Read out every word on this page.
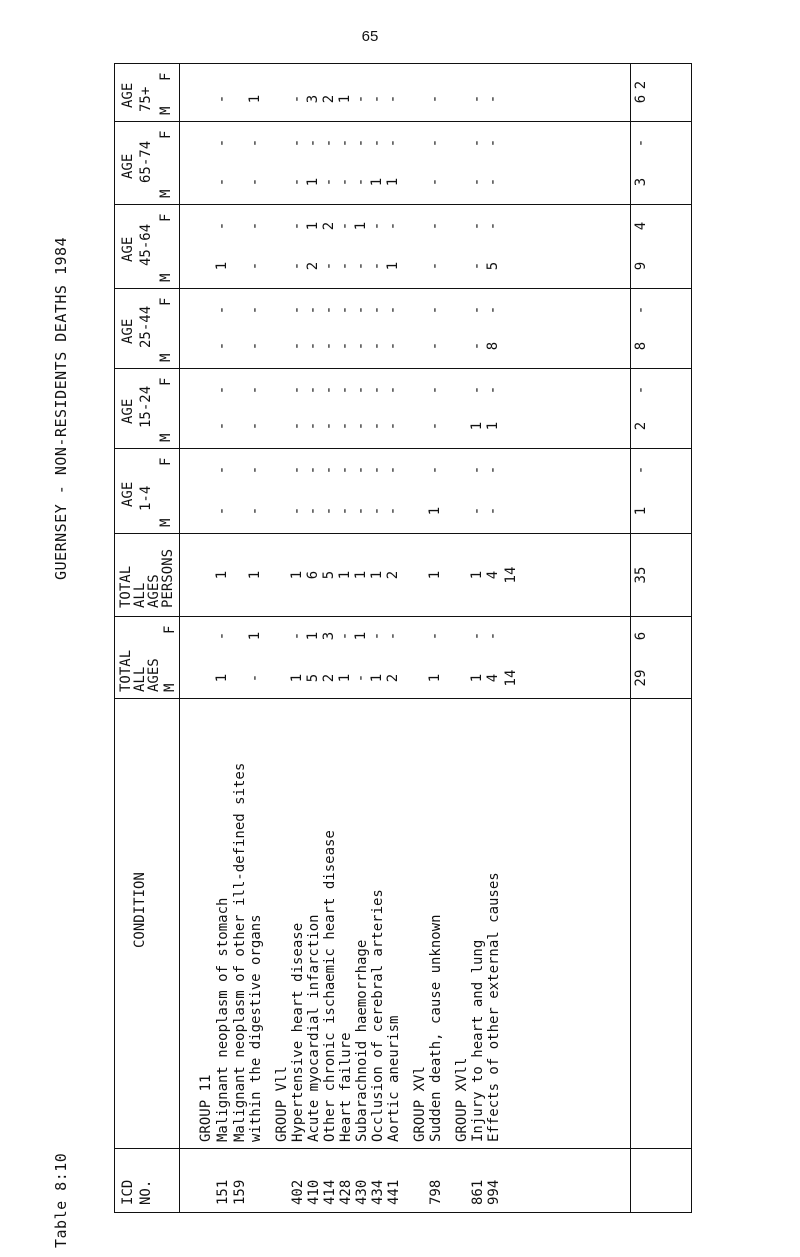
65
Table 8:10
GUERNSEY - NON-RESIDENTS DEATHS 1984
AGE 75+
F
M
AGE 65-74
F
M
AGE 45-64
F
M
AGE 25-44
F
M
AGE 15-24
F
M
AGE 1-4
F
M
TOTAL
ALL
AGES
PERSONS
TOTAL
ALL
AGES
F
M
CONDITION
ICD NO.
GROUP 11 Malignant neoplasm of stomach
151
1
-
1
-
-
-
-
-
-
1
-
-
-
-
Malignant neoplasm of other ill-defined sites
159
within the digestive organs
-
1
1
-
-
-
-
-
-
-
-
-
-
1
GROUP Vll Hypertensive heart disease
402
1
-
1
-
-
-
-
-
-
-
-
-
-
-
Acute myocardial infarction
410
5
1
6
-
-
-
-
-
-
2
1
1
-
3
Other chronic ischaemic heart disease
414
2
3
5
-
-
-
-
-
-
-
2
-
-
2
Heart failure
428
1
-
1
-
-
-
-
-
-
-
-
-
-
1
Subarachnoid haemorrhage
430
-
1
1
-
-
-
-
-
-
-
1
-
-
-
Occlusion of cerebral arteries
434
1
-
1
-
-
-
-
-
-
-
-
1
-
-
Aortic aneurism
441
2
-
2
-
-
-
-
-
-
1
-
1
-
-
GROUP XVl Sudden death, cause unknown
798
1
-
1
1
-
-
-
-
-
-
-
-
-
-
GROUP XVll Injury to heart and lung
861
1
-
1
-
-
1
-
-
-
-
-
-
-
-
Effects of other external causes
994
4
-
4
-
-
1
-
8
-
5
-
-
-
-
14
14
29
6
35
1
-
2
-
8
-
9
4
3
-
6
2
